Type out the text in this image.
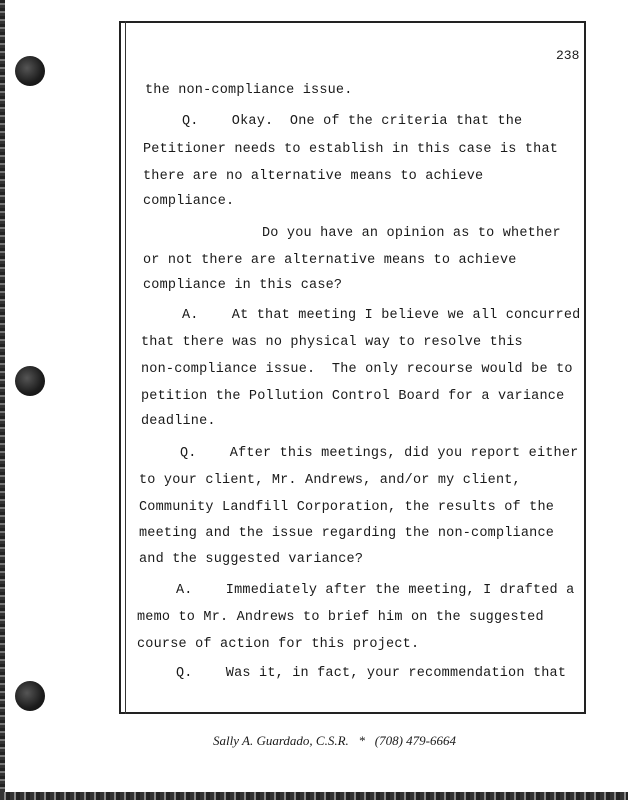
238
the non-compliance issue.
Q.    Okay.  One of the criteria that the
Petitioner needs to establish in this case is that
there are no alternative means to achieve
compliance.
Do you have an opinion as to whether
or not there are alternative means to achieve
compliance in this case?
A.    At that meeting I believe we all concurred
that there was no physical way to resolve this
non-compliance issue.  The only recourse would be to
petition the Pollution Control Board for a variance
deadline.
Q.    After this meetings, did you report either
to your client, Mr. Andrews, and/or my client,
Community Landfill Corporation, the results of the
meeting and the issue regarding the non-compliance
and the suggested variance?
A.    Immediately after the meeting, I drafted a
memo to Mr. Andrews to brief him on the suggested
course of action for this project.
Q.    Was it, in fact, your recommendation that
Sally A. Guardado, C.S.R.   *   (708) 479-6664
